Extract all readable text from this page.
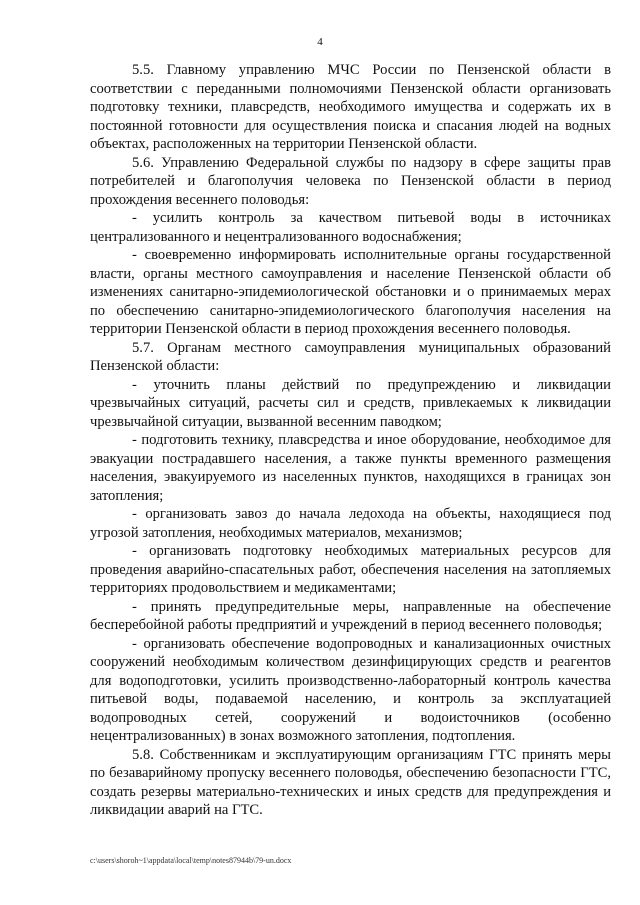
4

5.5. Главному управлению МЧС России по Пензенской области в соответствии с переданными полномочиями Пензенской области организовать подготовку техники, плавсредств, необходимого имущества и содержать их в постоянной готовности для осуществления поиска и спасания людей на водных объектах, расположенных на территории Пензенской области.

5.6. Управлению Федеральной службы по надзору в сфере защиты прав потребителей и благополучия человека по Пензенской области в период прохождения весеннего половодья:

- усилить контроль за качеством питьевой воды в источниках централизованного и нецентрализованного водоснабжения;

- своевременно информировать исполнительные органы государственной власти, органы местного самоуправления и население Пензенской области об изменениях санитарно-эпидемиологической обстановки и о принимаемых мерах по обеспечению санитарно-эпидемиологического благополучия населения на территории Пензенской области в период прохождения весеннего половодья.

5.7. Органам местного самоуправления муниципальных образований Пензенской области:

- уточнить планы действий по предупреждению и ликвидации чрезвычайных ситуаций, расчеты сил и средств, привлекаемых к ликвидации чрезвычайной ситуации, вызванной весенним паводком;

- подготовить технику, плавсредства и иное оборудование, необходимое для эвакуации пострадавшего населения, а также пункты временного размещения населения, эвакуируемого из населенных пунктов, находящихся в границах зон затопления;

- организовать завоз до начала ледохода на объекты, находящиеся под угрозой затопления, необходимых материалов, механизмов;

- организовать подготовку необходимых материальных ресурсов для проведения аварийно-спасательных работ, обеспечения населения на затопляемых территориях продовольствием и медикаментами;

- принять предупредительные меры, направленные на обеспечение бесперебойной работы предприятий и учреждений в период весеннего половодья;

- организовать обеспечение водопроводных и канализационных очистных сооружений необходимым количеством дезинфицирующих средств и реагентов для водоподготовки, усилить производственно-лабораторный контроль качества питьевой воды, подаваемой населению, и контроль за эксплуатацией водопроводных сетей, сооружений и водоисточников (особенно нецентрализованных) в зонах возможного затопления, подтопления.

5.8. Собственникам и эксплуатирующим организациям ГТС принять меры по безаварийному пропуску весеннего половодья, обеспечению безопасности ГТС, создать резервы материально-технических и иных средств для предупреждения и ликвидации аварий на ГТС.

c:\users\shoroh~1\appdata\local\temp\notes87944b\79-un.docx
